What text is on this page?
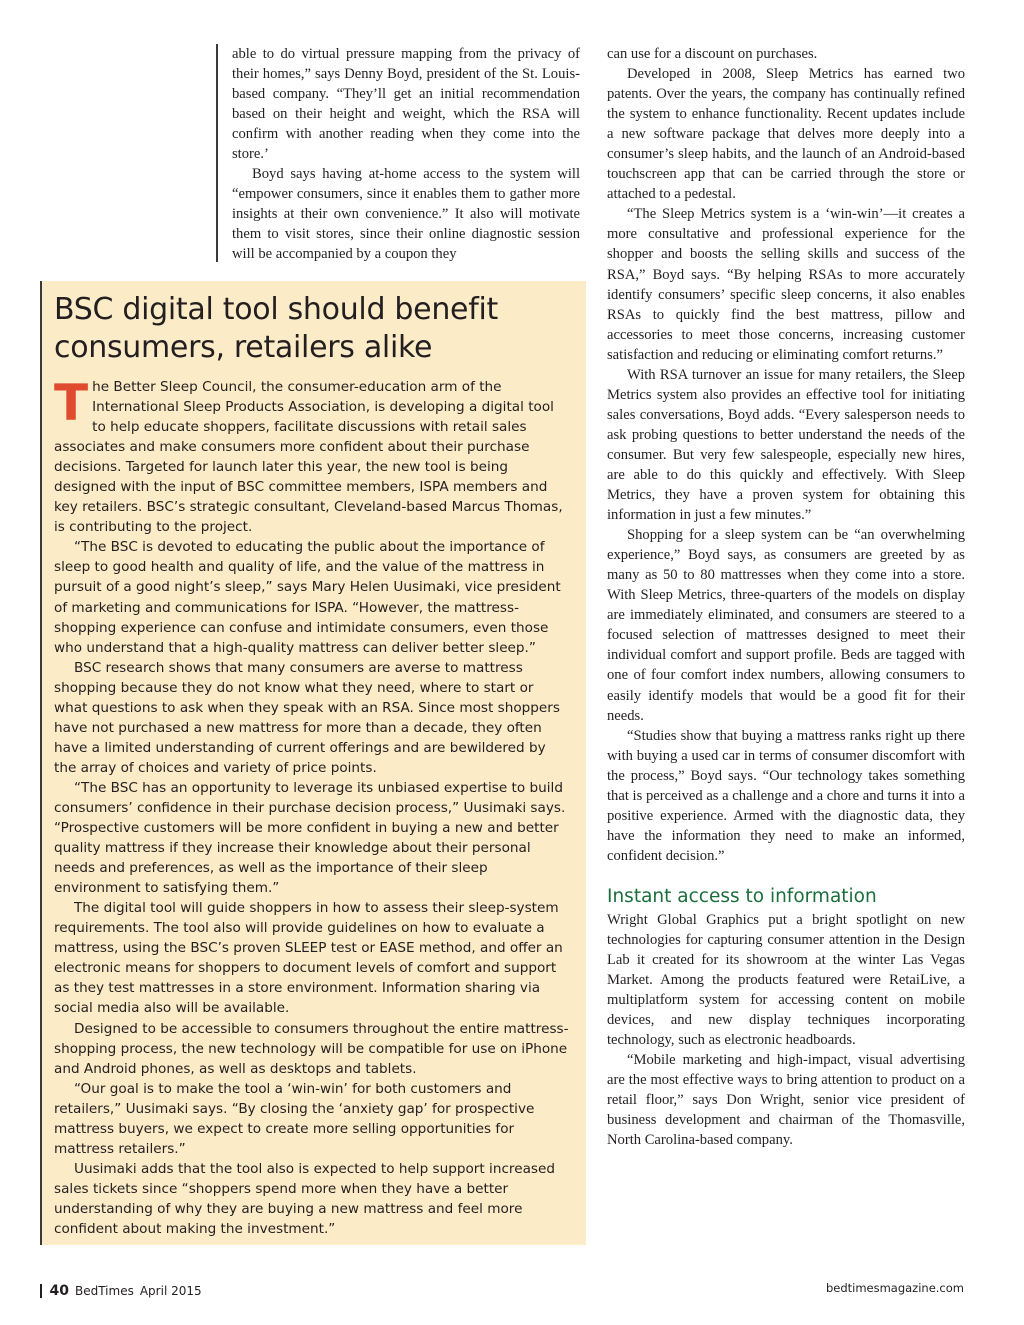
able to do virtual pressure mapping from the privacy of their homes,” says Denny Boyd, president of the St. Louis-based company. “They’ll get an initial recommendation based on their height and weight, which the RSA will confirm with another reading when they come into the store.’

Boyd says having at-home access to the system will “empower consumers, since it enables them to gather more insights at their own convenience.” It also will motivate them to visit stores, since their online diagnostic session will be accompanied by a coupon they

BSC digital tool should benefit consumers, retailers alike

The Better Sleep Council, the consumer-education arm of the International Sleep Products Association, is developing a digital tool to help educate shoppers, facilitate discussions with retail sales associates and make consumers more confident about their purchase decisions. Targeted for launch later this year, the new tool is being designed with the input of BSC committee members, ISPA members and key retailers. BSC’s strategic consultant, Cleveland-based Marcus Thomas, is contributing to the project.

“The BSC is devoted to educating the public about the importance of sleep to good health and quality of life, and the value of the mattress in pursuit of a good night’s sleep,” says Mary Helen Uusimaki, vice president of marketing and communications for ISPA. “However, the mattress-shopping experience can confuse and intimidate consumers, even those who understand that a high-quality mattress can deliver better sleep.”

BSC research shows that many consumers are averse to mattress shopping because they do not know what they need, where to start or what questions to ask when they speak with an RSA. Since most shoppers have not purchased a new mattress for more than a decade, they often have a limited understanding of current offerings and are bewildered by the array of choices and variety of price points.

“The BSC has an opportunity to leverage its unbiased expertise to build consumers’ confidence in their purchase decision process,” Uusimaki says. “Prospective customers will be more confident in buying a new and better quality mattress if they increase their knowledge about their personal needs and preferences, as well as the importance of their sleep environment to satisfying them.”

The digital tool will guide shoppers in how to assess their sleep-system requirements. The tool also will provide guidelines on how to evaluate a mattress, using the BSC’s proven SLEEP test or EASE method, and offer an electronic means for shoppers to document levels of comfort and support as they test mattresses in a store environment. Information sharing via social media also will be available.

Designed to be accessible to consumers throughout the entire mattress-shopping process, the new technology will be compatible for use on iPhone and Android phones, as well as desktops and tablets.

“Our goal is to make the tool a ‘win-win’ for both customers and retailers,” Uusimaki says. “By closing the ‘anxiety gap’ for prospective mattress buyers, we expect to create more selling opportunities for mattress retailers.”

Uusimaki adds that the tool also is expected to help support increased sales tickets since “shoppers spend more when they have a better understanding of why they are buying a new mattress and feel more confident about making the investment.”

can use for a discount on purchases.

Developed in 2008, Sleep Metrics has earned two patents. Over the years, the company has continually refined the system to enhance functionality. Recent updates include a new software package that delves more deeply into a consumer’s sleep habits, and the launch of an Android-based touchscreen app that can be carried through the store or attached to a pedestal.

“The Sleep Metrics system is a ‘win-win’—it creates a more consultative and professional experience for the shopper and boosts the selling skills and success of the RSA,” Boyd says. “By helping RSAs to more accurately identify consumers’ specific sleep concerns, it also enables RSAs to quickly find the best mattress, pillow and accessories to meet those concerns, increasing customer satisfaction and reducing or eliminating comfort returns.”

With RSA turnover an issue for many retailers, the Sleep Metrics system also provides an effective tool for initiating sales conversations, Boyd adds. “Every salesperson needs to ask probing questions to better understand the needs of the consumer. But very few salespeople, especially new hires, are able to do this quickly and effectively. With Sleep Metrics, they have a proven system for obtaining this information in just a few minutes.”

Shopping for a sleep system can be “an overwhelming experience,” Boyd says, as consumers are greeted by as many as 50 to 80 mattresses when they come into a store. With Sleep Metrics, three-quarters of the models on display are immediately eliminated, and consumers are steered to a focused selection of mattresses designed to meet their individual comfort and support profile. Beds are tagged with one of four comfort index numbers, allowing consumers to easily identify models that would be a good fit for their needs.

“Studies show that buying a mattress ranks right up there with buying a used car in terms of consumer discomfort with the process,” Boyd says. “Our technology takes something that is perceived as a challenge and a chore and turns it into a positive experience. Armed with the diagnostic data, they have the information they need to make an informed, confident decision.”

Instant access to information

Wright Global Graphics put a bright spotlight on new technologies for capturing consumer attention in the Design Lab it created for its showroom at the winter Las Vegas Market. Among the products featured were RetaiLive, a multiplatform system for accessing content on mobile devices, and new display techniques incorporating technology, such as electronic headboards.

“Mobile marketing and high-impact, visual advertising are the most effective ways to bring attention to product on a retail floor,” says Don Wright, senior vice president of business development and chairman of the Thomasville, North Carolina-based company.

40 BedTimes April 2015	bedtimesmagazine.com
